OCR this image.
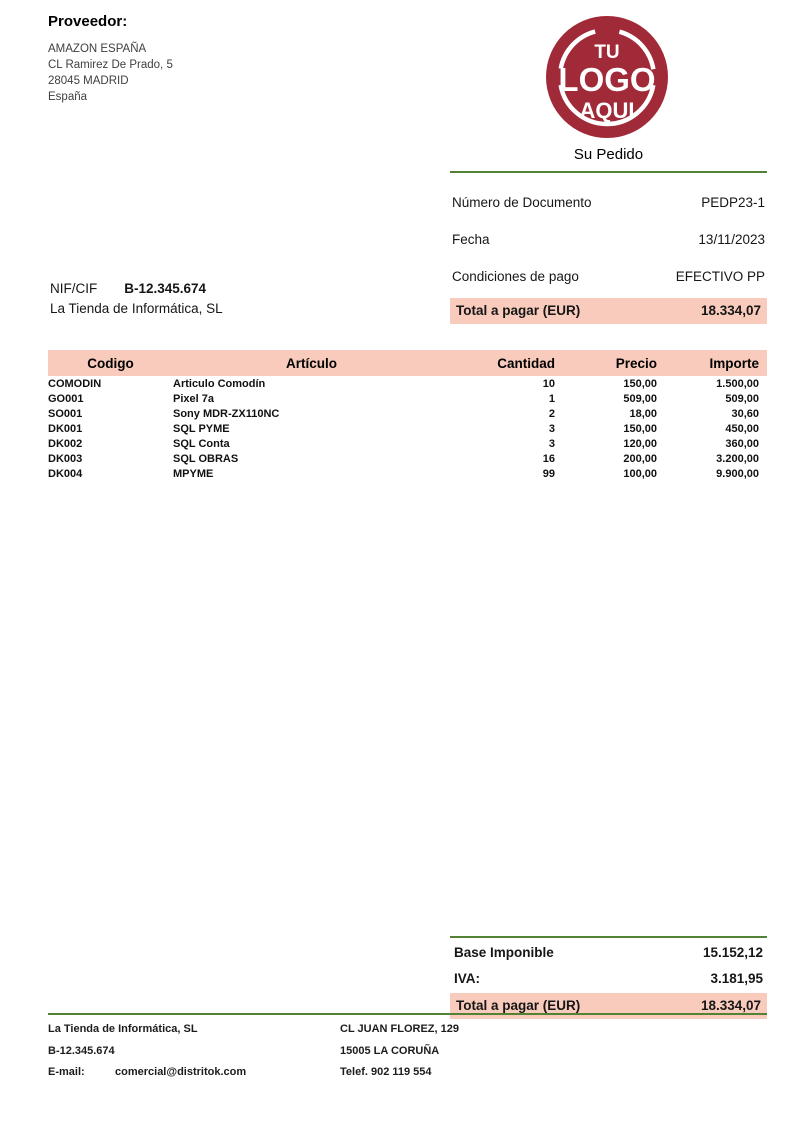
Proveedor:
AMAZON ESPAÑA
CL Ramirez De Prado, 5
28045 MADRID
España
TU
LOGO
AQUI
Su Pedido
Número de Documento	PEDP23-1
Fecha	13/11/2023
Condiciones de pago	EFECTIVO PP
Total a pagar (EUR)	18.334,07
NIF/CIF B-12.345.674
La Tienda de Informática, SL
Codigo	Artículo	Cantidad	Precio	Importe
COMODIN	Articulo Comodín	10	150,00	1.500,00
GO001	Pixel 7a	1	509,00	509,00
SO001	Sony MDR-ZX110NC	2	18,00	30,60
DK001	SQL PYME	3	150,00	450,00
DK002	SQL Conta	3	120,00	360,00
DK003	SQL OBRAS	16	200,00	3.200,00
DK004	MPYME	99	100,00	9.900,00
Base Imponible	15.152,12
IVA:	3.181,95
Total a pagar (EUR)	18.334,07
La Tienda de Informática, SL
B-12.345.674
E-mail:	comercial@distritok.com
CL JUAN FLOREZ, 129
15005 LA CORUÑA
Telef. 902 119 554
